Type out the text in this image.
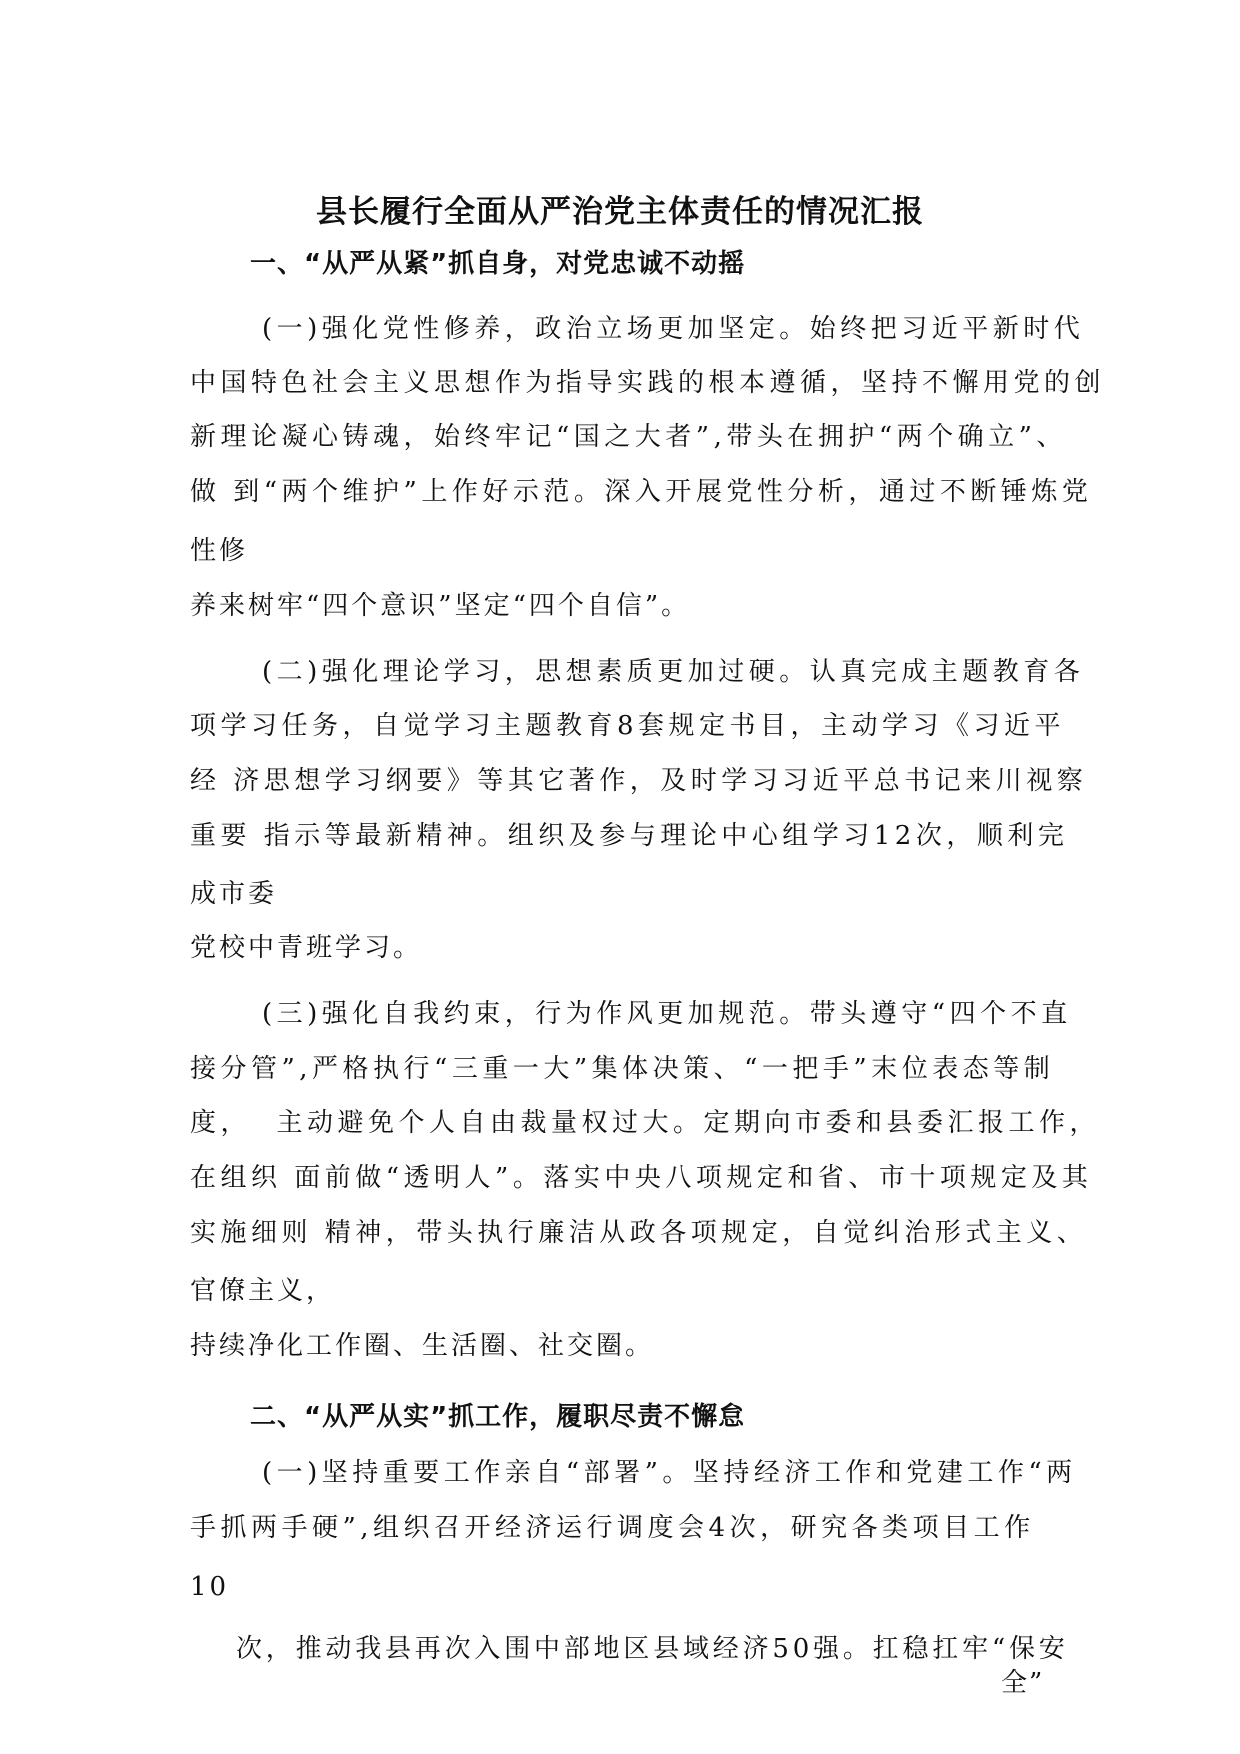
县长履行全面从严治党主体责任的情况汇报
一、“从严从紧”抓自身，对党忠诚不动摇
(一)强化党性修养，政治立场更加坚定。始终把习近平新时代
中国特色社会主义思想作为指导实践的根本遵循，坚持不懈用党的创
新理论凝心铸魂，始终牢记“国之大者”,带头在拥护“两个确立”、
做 到“两个维护”上作好示范。深入开展党性分析，通过不断锤炼党
性修
养来树牢“四个意识”坚定“四个自信”。
(二)强化理论学习，思想素质更加过硬。认真完成主题教育各
项学习任务，自觉学习主题教育8套规定书目，主动学习《习近平
经 济思想学习纲要》等其它著作，及时学习习近平总书记来川视察
重要 指示等最新精神。组织及参与理论中心组学习12次，顺利完
成市委
党校中青班学习。
(三)强化自我约束，行为作风更加规范。带头遵守“四个不直
接分管”,严格执行“三重一大”集体决策、“一把手”末位表态等制
度，  主动避免个人自由裁量权过大。定期向市委和县委汇报工作，
在组织 面前做“透明人”。落实中央八项规定和省、市十项规定及其
实施细则 精神，带头执行廉洁从政各项规定，自觉纠治形式主义、
官僚主义，
持续净化工作圈、生活圈、社交圈。
二、“从严从实”抓工作，履职尽责不懈怠
(一)坚持重要工作亲自“部署”。坚持经济工作和党建工作“两
手抓两手硬”,组织召开经济运行调度会4次，研究各类项目工作
10
次，推动我县再次入围中部地区县域经济50强。扛稳扛牢“保安
全”
